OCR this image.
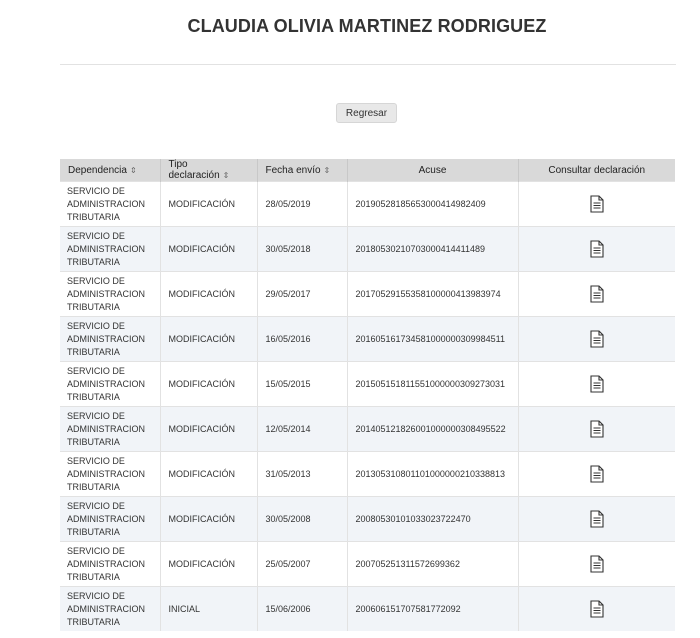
CLAUDIA OLIVIA MARTINEZ RODRIGUEZ
Regresar
Dependencia ⇕	Tipo declaración ⇕	Fecha envío ⇕	Acuse	Consultar declaración

SERVICIO DE
ADMINISTRACION
TRIBUTARIA	MODIFICACIÓN	28/05/2019	20190528185653000414982409	

SERVICIO DE
ADMINISTRACION
TRIBUTARIA	MODIFICACIÓN	30/05/2018	20180530210703000414411489	

SERVICIO DE
ADMINISTRACION
TRIBUTARIA	MODIFICACIÓN	29/05/2017	20170529155358100000413983974	

SERVICIO DE
ADMINISTRACION
TRIBUTARIA	MODIFICACIÓN	16/05/2016	20160516173458100000030998451​1	

SERVICIO DE
ADMINISTRACION
TRIBUTARIA	MODIFICACIÓN	15/05/2015	20150515181155100000030927303​1	

SERVICIO DE
ADMINISTRACION
TRIBUTARIA	MODIFICACIÓN	12/05/2014	20140512182600100000030849552​2	

SERVICIO DE
ADMINISTRACION
TRIBUTARIA	MODIFICACIÓN	31/05/2013	20130531080110100000021033881​3	

SERVICIO DE
ADMINISTRACION
TRIBUTARIA	MODIFICACIÓN	30/05/2008	20080530101033023722470	

SERVICIO DE
ADMINISTRACION
TRIBUTARIA	MODIFICACIÓN	25/05/2007	20070525131157269936​2	

SERVICIO DE
ADMINISTRACION
TRIBUTARIA	INICIAL	15/06/2006	20060615170758177209​2	
